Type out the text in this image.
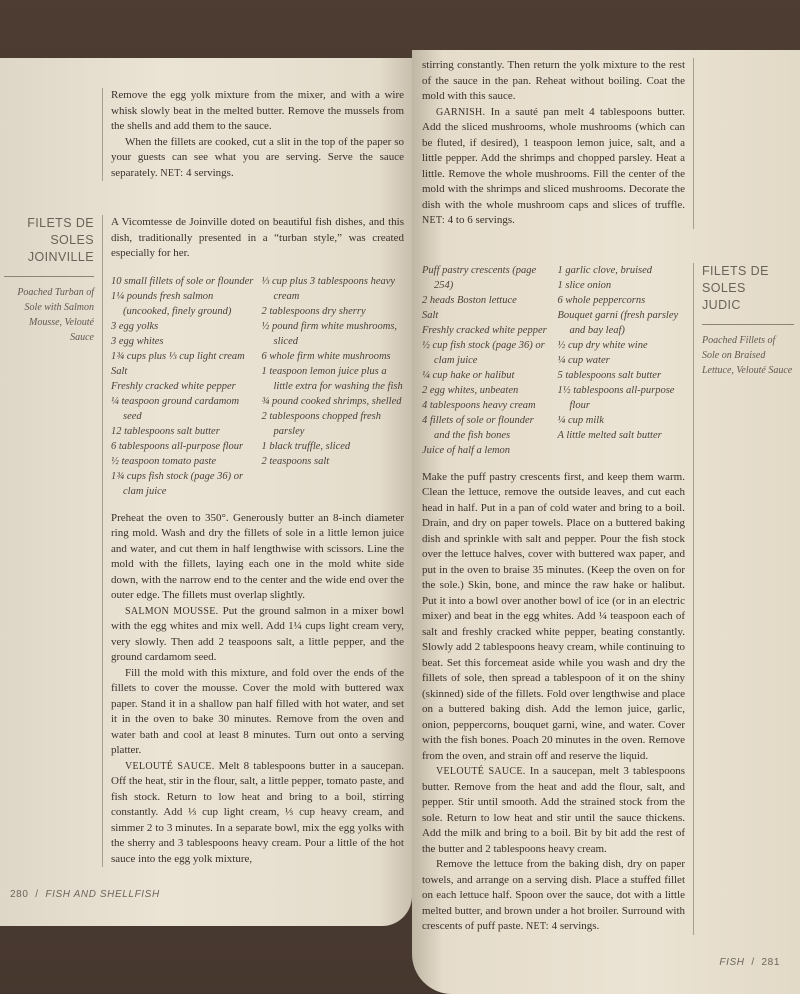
Remove the egg yolk mixture from the mixer, and with a wire whisk slowly beat in the melted butter. Remove the mussels from the shells and add them to the sauce.

When the fillets are cooked, cut a slit in the top of the paper so your guests can see what you are serving. Serve the sauce separately. NET: 4 servings.

FILETS DE SOLES
JOINVILLE
Poached Turban of Sole with Salmon Mousse, Velouté Sauce

A Vicomtesse de Joinville doted on beautiful fish dishes, and this dish, traditionally presented in a “turban style,” was created especially for her.

10 small fillets of sole or flounder
1¼ pounds fresh salmon (uncooked, finely ground)
3 egg yolks
3 egg whites
1¾ cups plus ⅓ cup light cream
Salt
Freshly cracked white pepper
¼ teaspoon ground cardamom seed
12 tablespoons salt butter
6 tablespoons all-purpose flour
½ teaspoon tomato paste
1¾ cups fish stock (page 36) or clam juice
⅓ cup plus 3 tablespoons heavy cream
2 tablespoons dry sherry
½ pound firm white mushrooms, sliced
6 whole firm white mushrooms
1 teaspoon lemon juice plus a little extra for washing the fish
¾ pound cooked shrimps, shelled
2 tablespoons chopped fresh parsley
1 black truffle, sliced
2 teaspoons salt

Preheat the oven to 350°. Generously butter an 8-inch diameter ring mold. Wash and dry the fillets of sole in a little lemon juice and water, and cut them in half lengthwise with scissors. Line the mold with the fillets, laying each one in the mold white side down, with the narrow end to the center and the wide end over the outer edge. The fillets must overlap slightly.

SALMON MOUSSE. Put the ground salmon in a mixer bowl with the egg whites and mix well. Add 1¼ cups light cream very, very slowly. Then add 2 teaspoons salt, a little pepper, and the ground cardamom seed.

Fill the mold with this mixture, and fold over the ends of the fillets to cover the mousse. Cover the mold with buttered wax paper. Stand it in a shallow pan half filled with hot water, and set it in the oven to bake 30 minutes. Remove from the oven and water bath and cool at least 8 minutes. Turn out onto a serving platter.

VELOUTÉ SAUCE. Melt 8 tablespoons butter in a saucepan. Off the heat, stir in the flour, salt, a little pepper, tomato paste, and fish stock. Return to low heat and bring to a boil, stirring constantly. Add ⅓ cup light cream, ⅓ cup heavy cream, and simmer 2 to 3 minutes. In a separate bowl, mix the egg yolks with the sherry and 3 tablespoons heavy cream. Pour a little of the hot sauce into the egg yolk mixture,

280 / FISH AND SHELLFISH

stirring constantly. Then return the yolk mixture to the rest of the sauce in the pan. Reheat without boiling. Coat the mold with this sauce.

GARNISH. In a sauté pan melt 4 tablespoons butter. Add the sliced mushrooms, whole mushrooms (which can be fluted, if desired), 1 teaspoon lemon juice, salt, and a little pepper. Add the shrimps and chopped parsley. Heat a little. Remove the whole mushrooms. Fill the center of the mold with the shrimps and sliced mushrooms. Decorate the dish with the whole mushroom caps and slices of truffle. NET: 4 to 6 servings.

Puff pastry crescents (page 254)
2 heads Boston lettuce
Salt
Freshly cracked white pepper
½ cup fish stock (page 36) or clam juice
¼ cup hake or halibut
2 egg whites, unbeaten
4 tablespoons heavy cream
4 fillets of sole or flounder and the fish bones
Juice of half a lemon
1 garlic clove, bruised
1 slice onion
6 whole peppercorns
Bouquet garni (fresh parsley and bay leaf)
½ cup dry white wine
¼ cup water
5 tablespoons salt butter
1½ tablespoons all-purpose flour
¼ cup milk
A little melted salt butter

Make the puff pastry crescents first, and keep them warm. Clean the lettuce, remove the outside leaves, and cut each head in half. Put in a pan of cold water and bring to a boil. Drain, and dry on paper towels. Place on a buttered baking dish and sprinkle with salt and pepper. Pour the fish stock over the lettuce halves, cover with buttered wax paper, and put in the oven to braise 35 minutes. (Keep the oven on for the sole.) Skin, bone, and mince the raw hake or halibut. Put it into a bowl over another bowl of ice (or in an electric mixer) and beat in the egg whites. Add ¼ teaspoon each of salt and freshly cracked white pepper, beating constantly. Slowly add 2 tablespoons heavy cream, while continuing to beat. Set this forcemeat aside while you wash and dry the fillets of sole, then spread a tablespoon of it on the shiny (skinned) side of the fillets. Fold over lengthwise and place on a buttered baking dish. Add the lemon juice, garlic, onion, peppercorns, bouquet garni, wine, and water. Cover with the fish bones. Poach 20 minutes in the oven. Remove from the oven, and strain off and reserve the liquid.

VELOUTÉ SAUCE. In a saucepan, melt 3 tablespoons butter. Remove from the heat and add the flour, salt, and pepper. Stir until smooth. Add the strained stock from the sole. Return to low heat and stir until the sauce thickens. Add the milk and bring to a boil. Bit by bit add the rest of the butter and 2 tablespoons heavy cream.

Remove the lettuce from the baking dish, dry on paper towels, and arrange on a serving dish. Place a stuffed fillet on each lettuce half. Spoon over the sauce, dot with a little melted butter, and brown under a hot broiler. Surround with crescents of puff paste. NET: 4 servings.

FILETS DE SOLES
JUDIC
Poached Fillets of Sole on Braised Lettuce, Velouté Sauce
FISH / 281
